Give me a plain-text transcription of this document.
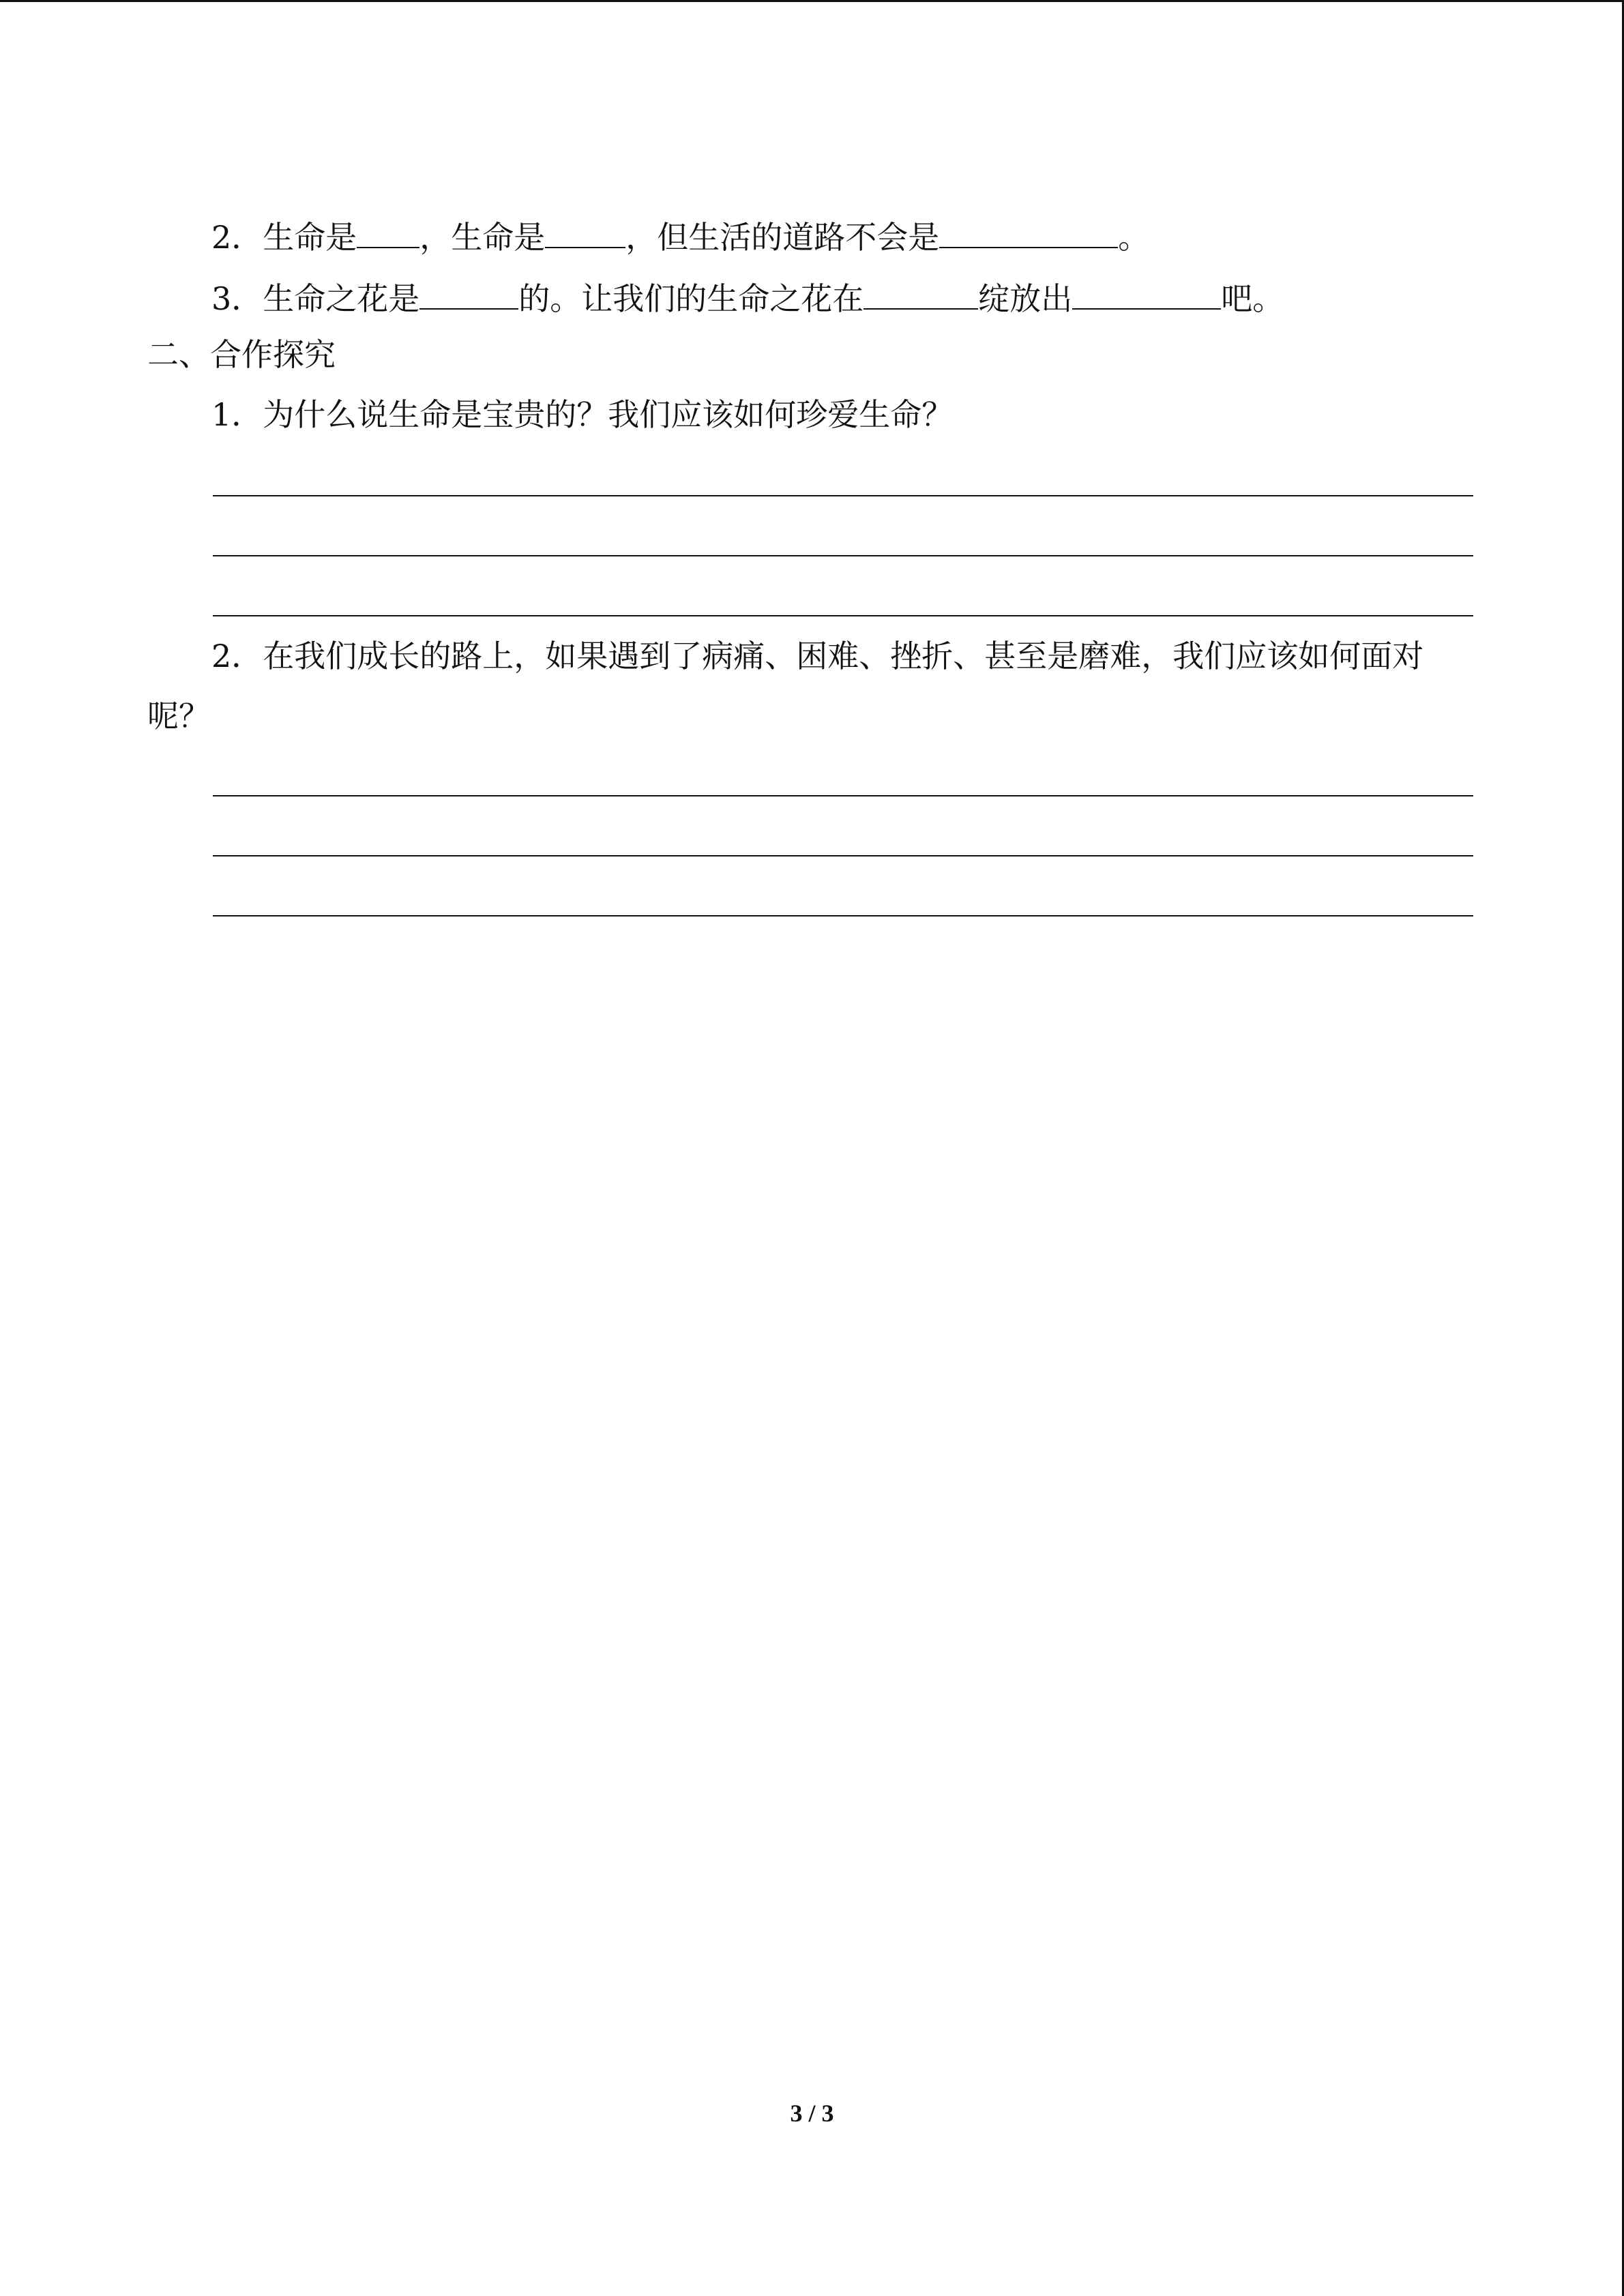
2．生命是 ，生命是	，但生活的道路不会是	。
3．生命之花是	的。让我们的生命之花在	绽放出	吧。
二、合作探究
1．为什么说生命是宝贵的？我们应该如何珍爱生命？
2．在我们成长的路上，如果遇到了病痛、困难、挫折、甚至是磨难，我们应该如何面对
呢？
3 / 3
